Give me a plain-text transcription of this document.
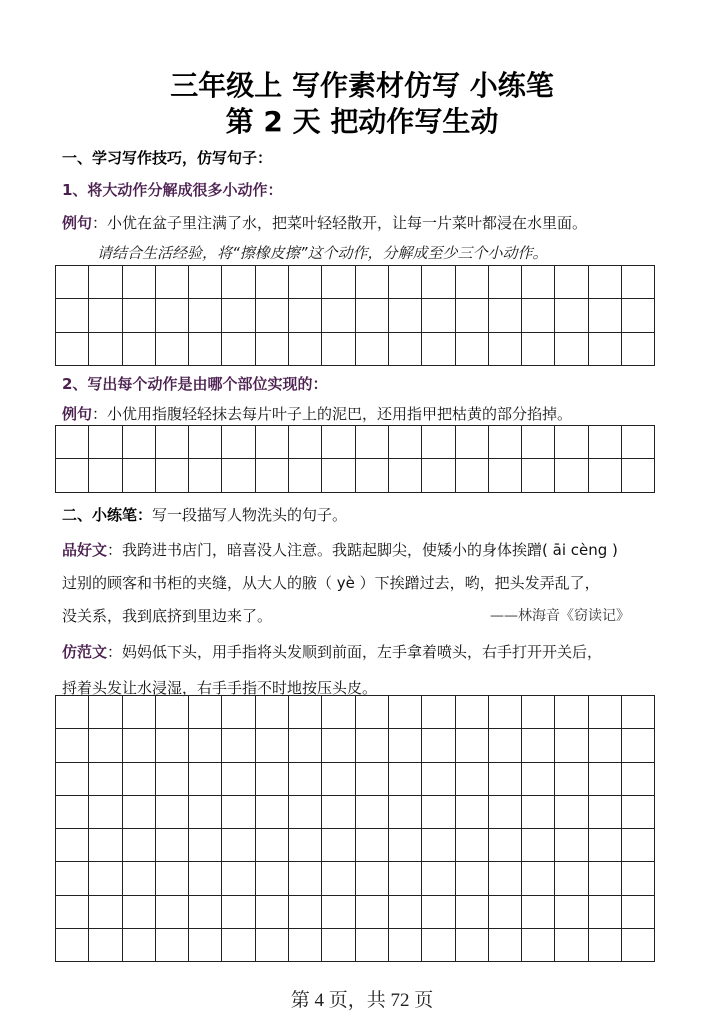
三年级上 写作素材仿写 小练笔
第 2 天 把动作写生动
一、学习写作技巧，仿写句子：
1、将大动作分解成很多小动作：
例句：小优在盆子里注满了水，把菜叶轻轻散开，让每一片菜叶都浸在水里面。
请结合生活经验，将“擦橡皮擦”这个动作，分解成至少三个小动作。
2、写出每个动作是由哪个部位实现的：
例句：小优用指腹轻轻抹去每片叶子上的泥巴，还用指甲把枯黄的部分掐掉。
二、小练笔：写一段描写人物洗头的句子。
品好文：我跨进书店门，暗喜没人注意。我踮起脚尖，使矮小的身体挨蹭( āi cèng )
过别的顾客和书柜的夹缝，从大人的腋（ yè ）下挨蹭过去，哟，把头发弄乱了，
没关系，我到底挤到里边来了。	——林海音《窃读记》
仿范文：妈妈低下头，用手指将头发顺到前面，左手拿着喷头，右手打开开关后，
捋着头发让水浸湿，右手手指不时地按压头皮。
第 4 页，共 72 页
